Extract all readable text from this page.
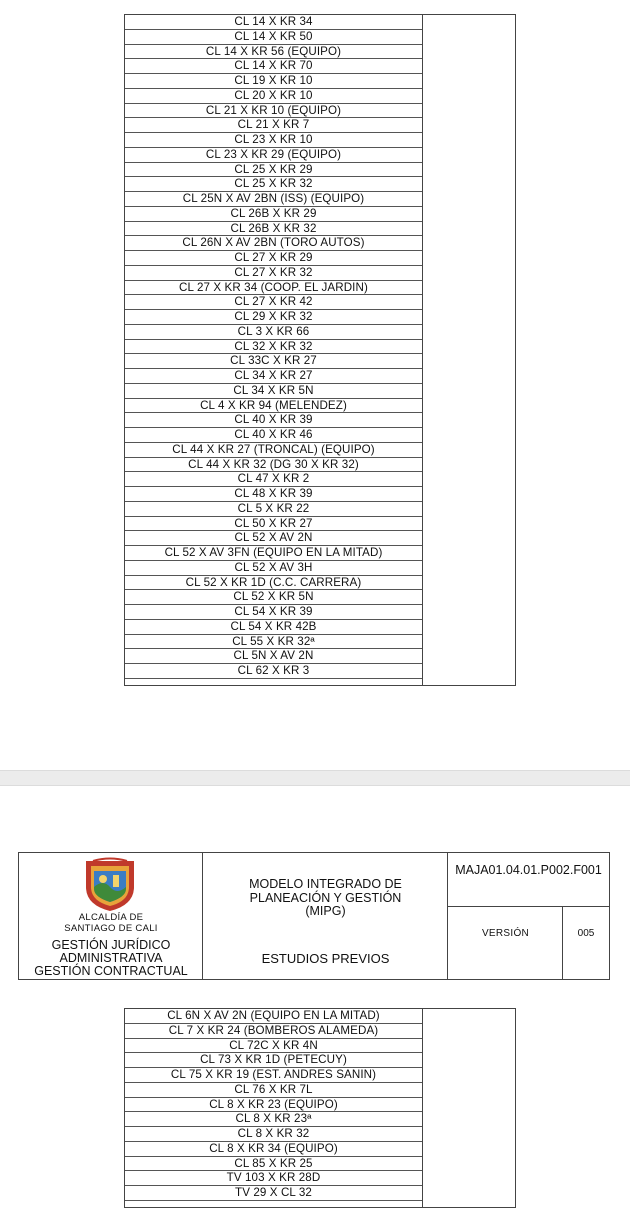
CL 14 X KR 34
CL 14 X KR 50
CL 14 X KR 56 (EQUIPO)
CL 14 X KR 70
CL 19 X KR 10
CL 20 X KR 10
CL 21 X KR 10 (EQUIPO)
CL 21 X KR 7
CL 23 X KR 10
CL 23 X KR 29 (EQUIPO)
CL 25 X KR 29
CL 25 X KR 32
CL 25N X AV 2BN (ISS) (EQUIPO)
CL 26B X KR 29
CL 26B X KR 32
CL 26N X AV 2BN (TORO AUTOS)
CL 27 X KR 29
CL 27 X KR 32
CL 27 X KR 34 (COOP. EL JARDIN)
CL 27 X KR 42
CL 29 X KR 32
CL 3 X KR 66
CL 32 X KR 32
CL 33C X KR 27
CL 34 X KR 27
CL 34 X KR 5N
CL 4 X KR 94 (MELENDEZ)
CL 40 X KR 39
CL 40 X KR 46
CL 44 X KR 27 (TRONCAL) (EQUIPO)
CL 44 X KR 32 (DG 30 X KR 32)
CL 47 X KR 2
CL 48 X KR 39
CL 5 X KR 22
CL 50 X KR 27
CL 52 X AV 2N
CL 52 X AV 3FN (EQUIPO EN LA MITAD)
CL 52 X AV 3H
CL 52 X KR 1D (C.C. CARRERA)
CL 52 X KR 5N
CL 54 X KR 39
CL 54 X KR 42B
CL 55 X KR 32ª
CL 5N X AV 2N
CL 62 X KR 3
ALCALDÍA DE
SANTIAGO DE CALI
GESTIÓN JURÍDICO
ADMINISTRATIVA
GESTIÓN CONTRACTUAL
MODELO INTEGRADO DE
PLANEACIÓN Y GESTIÓN
(MIPG)
ESTUDIOS PREVIOS
MAJA01.04.01.P002.F001
VERSIÓN	005
CL 6N X AV 2N (EQUIPO EN LA MITAD)
CL 7 X KR 24 (BOMBEROS ALAMEDA)
CL 72C X KR 4N
CL 73 X KR 1D (PETECUY)
CL 75 X KR 19 (EST. ANDRES SANIN)
CL 76 X KR 7L
CL 8 X KR 23 (EQUIPO)
CL 8 X KR 23ª
CL 8 X KR 32
CL 8 X KR 34 (EQUIPO)
CL 85 X KR 25
TV 103 X KR 28D
TV 29 X CL 32
